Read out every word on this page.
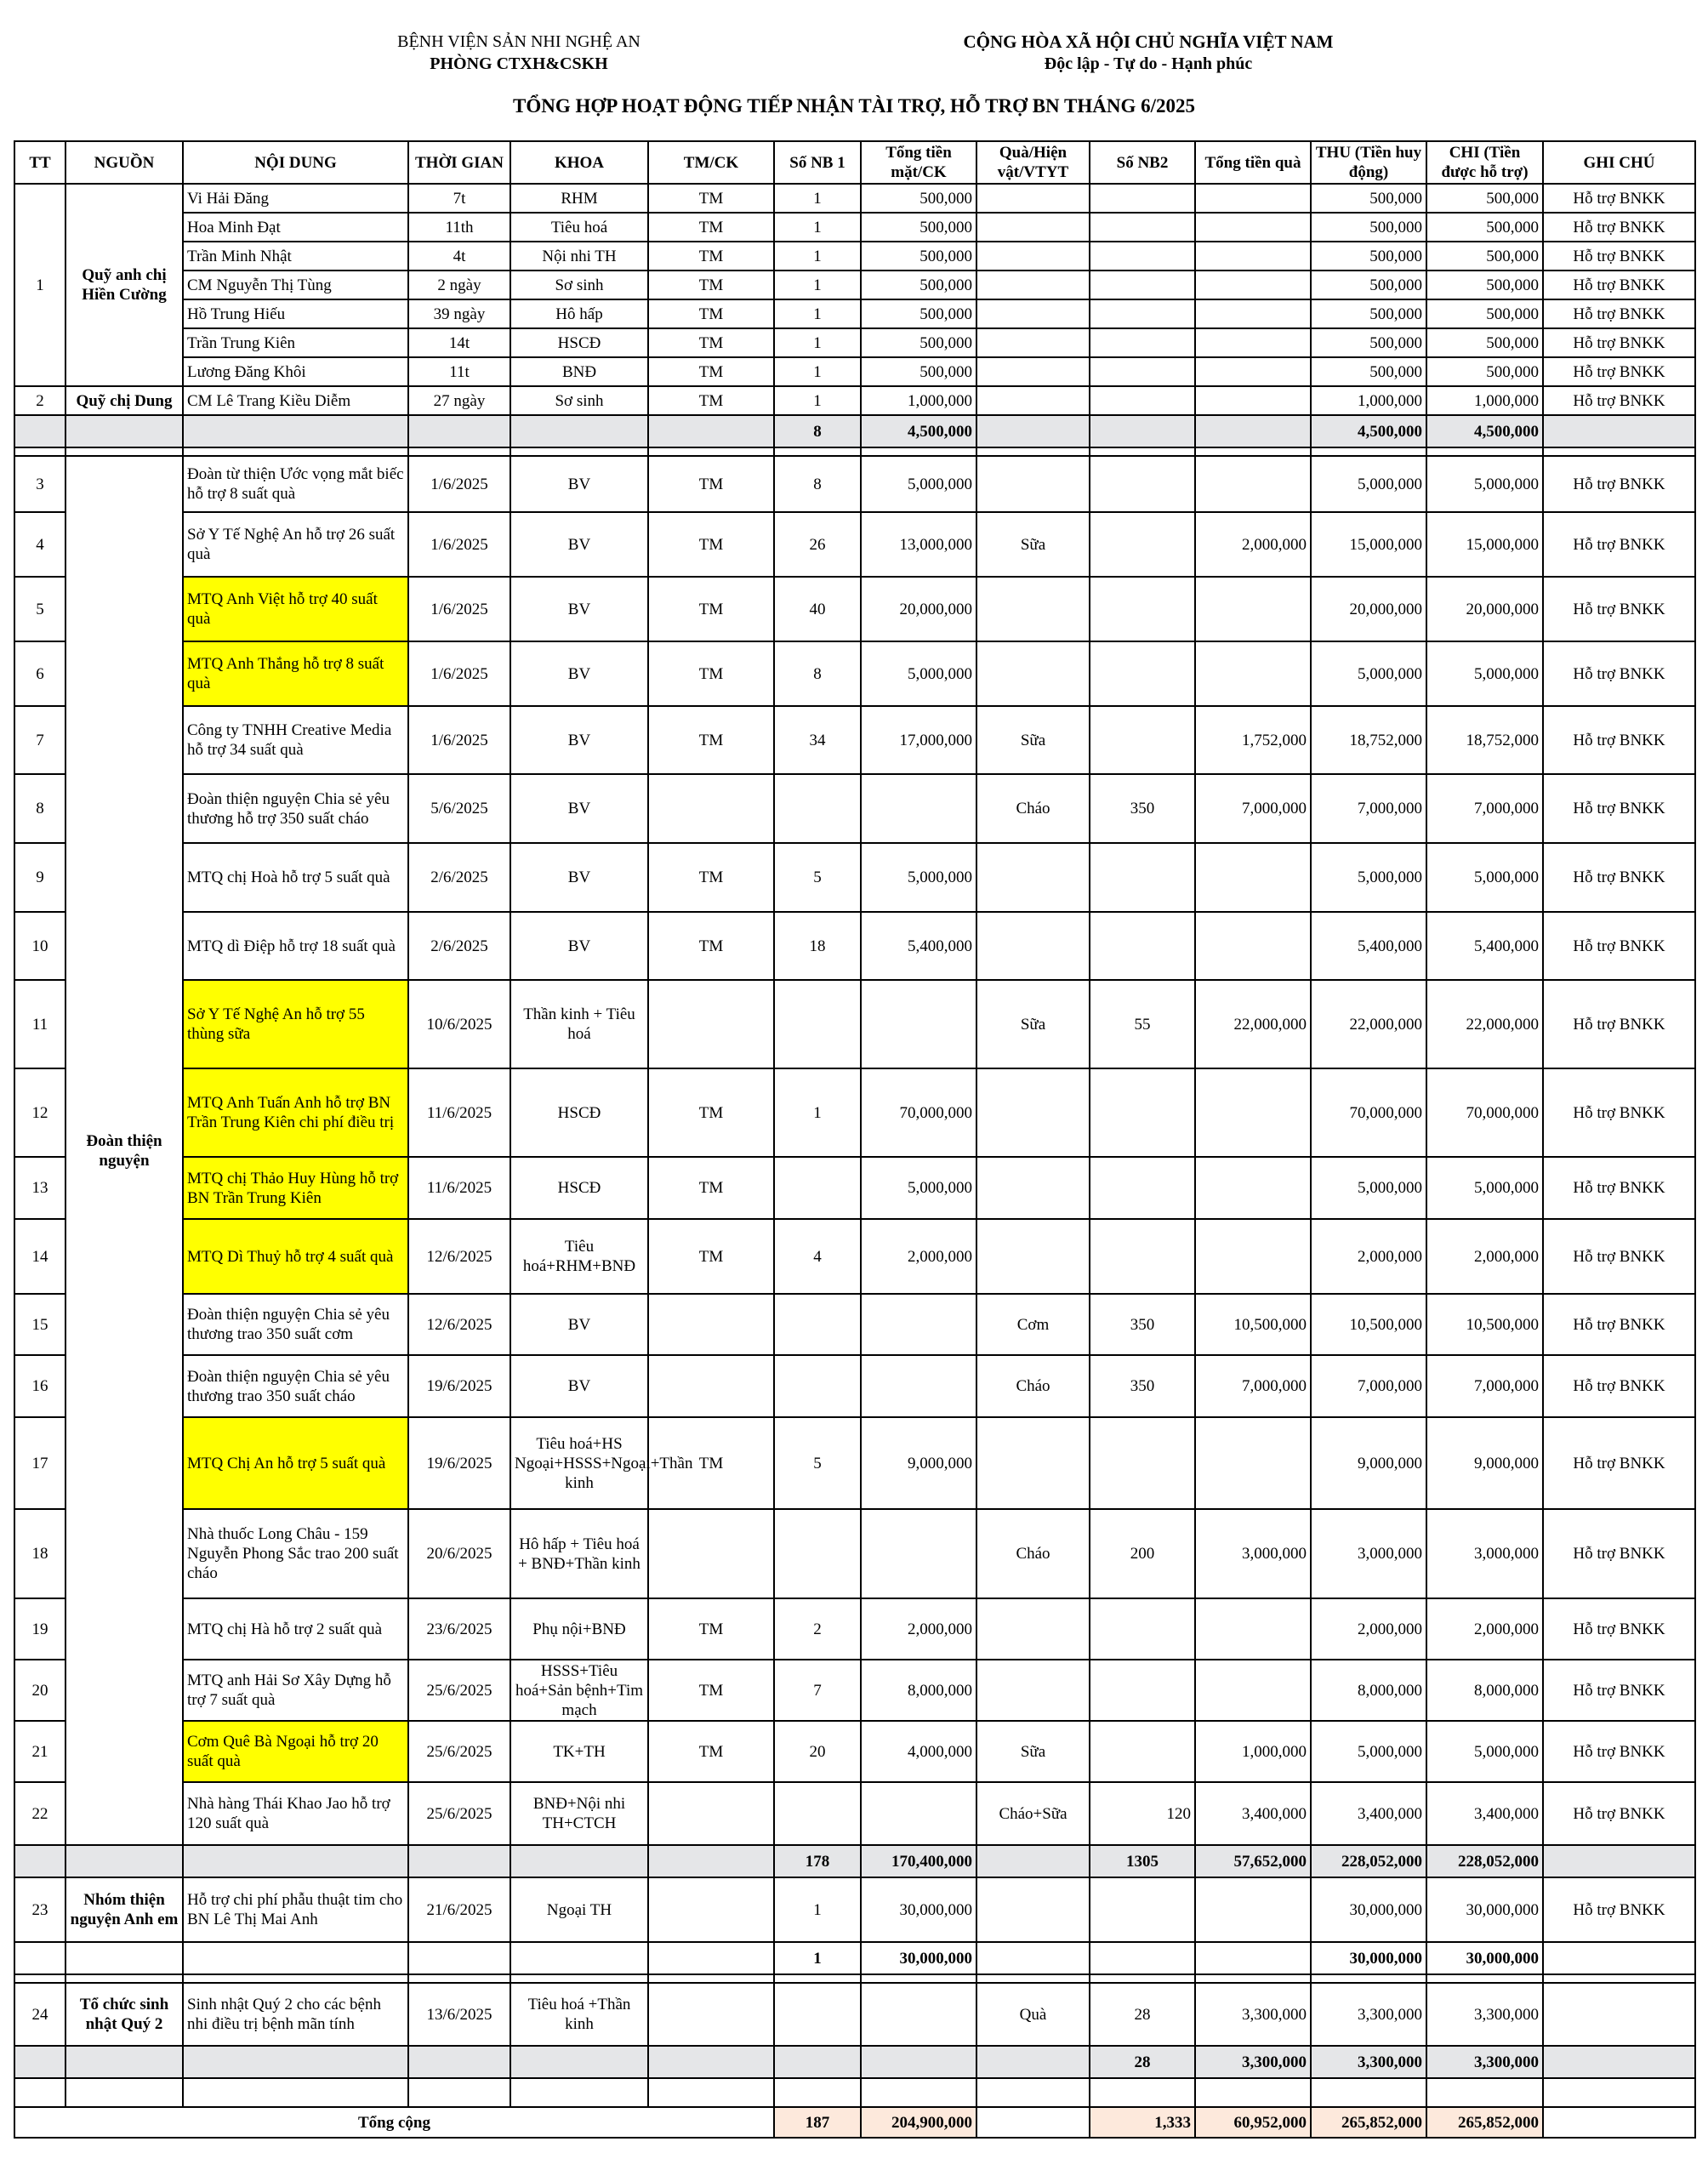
BỆNH VIỆN SẢN NHI NGHỆ AN
PHÒNG CTXH&CSKH
CỘNG HÒA XÃ HỘI CHỦ NGHĨA VIỆT NAM
Độc lập - Tự do - Hạnh phúc
TỔNG HỢP HOẠT ĐỘNG TIẾP NHẬN TÀI TRỢ, HỖ TRỢ BN THÁNG 6/2025
TT	NGUỒN	NỘI DUNG	THỜI GIAN	KHOA	TM/CK	Số NB 1	Tổng tiền mặt/CK	Quà/Hiện vật/VTYT	Số NB2	Tổng tiền quà	THU (Tiền huy động)	CHI (Tiền được hỗ trợ)	GHI CHÚ
1	Quỹ anh chị Hiền Cường	Vi Hải Đăng	7t	RHM	TM	1	500,000				500,000	500,000	Hỗ trợ BNKK
		Hoa Minh Đạt	11th	Tiêu hoá	TM	1	500,000				500,000	500,000	Hỗ trợ BNKK
		Trần Minh Nhật	4t	Nội nhi TH	TM	1	500,000				500,000	500,000	Hỗ trợ BNKK
		CM Nguyễn Thị Tùng	2 ngày	Sơ sinh	TM	1	500,000				500,000	500,000	Hỗ trợ BNKK
		Hồ Trung Hiếu	39 ngày	Hô hấp	TM	1	500,000				500,000	500,000	Hỗ trợ BNKK
		Trần Trung Kiên	14t	HSCĐ	TM	1	500,000				500,000	500,000	Hỗ trợ BNKK
		Lương Đăng Khôi	11t	BNĐ	TM	1	500,000				500,000	500,000	Hỗ trợ BNKK
2	Quỹ chị Dung	CM Lê Trang Kiều Diễm	27 ngày	Sơ sinh	TM	1	1,000,000				1,000,000	1,000,000	Hỗ trợ BNKK
						8	4,500,000				4,500,000	4,500,000	

3	Đoàn thiện nguyện	Đoàn từ thiện Ước vọng mắt biếc hỗ trợ 8 suất quà	1/6/2025	BV	TM	8	5,000,000				5,000,000	5,000,000	Hỗ trợ BNKK
4		Sở Y Tế Nghệ An hỗ trợ 26 suất quà	1/6/2025	BV	TM	26	13,000,000	Sữa		2,000,000	15,000,000	15,000,000	Hỗ trợ BNKK
5		MTQ Anh Việt hỗ trợ 40 suất quà	1/6/2025	BV	TM	40	20,000,000				20,000,000	20,000,000	Hỗ trợ BNKK
6		MTQ Anh Thắng hỗ trợ 8 suất quà	1/6/2025	BV	TM	8	5,000,000				5,000,000	5,000,000	Hỗ trợ BNKK
7		Công ty TNHH Creative Media hỗ trợ 34 suất quà	1/6/2025	BV	TM	34	17,000,000	Sữa		1,752,000	18,752,000	18,752,000	Hỗ trợ BNKK
8		Đoàn thiện nguyện Chia sẻ yêu thương hỗ trợ 350 suất cháo	5/6/2025	BV				Cháo	350	7,000,000	7,000,000	7,000,000	Hỗ trợ BNKK
9		MTQ chị Hoà hỗ trợ 5 suất quà	2/6/2025	BV	TM	5	5,000,000				5,000,000	5,000,000	Hỗ trợ BNKK
10		MTQ dì Điệp hỗ trợ 18 suất quà	2/6/2025	BV	TM	18	5,400,000				5,400,000	5,400,000	Hỗ trợ BNKK
11		Sở Y Tế Nghệ An hỗ trợ 55 thùng sữa	10/6/2025	Thần kinh + Tiêu hoá				Sữa	55	22,000,000	22,000,000	22,000,000	Hỗ trợ BNKK
12		MTQ Anh Tuấn Anh hỗ trợ BN Trần Trung Kiên chi phí điều trị	11/6/2025	HSCĐ	TM	1	70,000,000				70,000,000	70,000,000	Hỗ trợ BNKK
13		MTQ chị Thảo Huy Hùng hỗ trợ BN Trần Trung Kiên	11/6/2025	HSCĐ	TM		5,000,000				5,000,000	5,000,000	Hỗ trợ BNKK
14		MTQ Dì Thuỷ hỗ trợ 4 suất quà	12/6/2025	Tiêu hoá+RHM+BNĐ	TM	4	2,000,000				2,000,000	2,000,000	Hỗ trợ BNKK
15		Đoàn thiện nguyện Chia sẻ yêu thương trao 350 suất cơm	12/6/2025	BV				Cơm	350	10,500,000	10,500,000	10,500,000	Hỗ trợ BNKK
16		Đoàn thiện nguyện Chia sẻ yêu thương trao 350 suất cháo	19/6/2025	BV				Cháo	350	7,000,000	7,000,000	7,000,000	Hỗ trợ BNKK
17		MTQ Chị An hỗ trợ 5 suất quà	19/6/2025	Tiêu hoá+HS Ngoại+HSSS+Ngoại+Thần kinh	TM	5	9,000,000				9,000,000	9,000,000	Hỗ trợ BNKK
18		Nhà thuốc Long Châu - 159 Nguyễn Phong Sắc trao 200 suất cháo	20/6/2025	Hô hấp + Tiêu hoá + BNĐ+Thần kinh				Cháo	200	3,000,000	3,000,000	3,000,000	Hỗ trợ BNKK
19		MTQ chị Hà hỗ trợ 2 suất quà	23/6/2025	Phụ nội+BNĐ	TM	2	2,000,000				2,000,000	2,000,000	Hỗ trợ BNKK
20		MTQ anh Hải Sơ Xây Dựng hỗ trợ 7 suất quà	25/6/2025	HSSS+Tiêu hoá+Sản bệnh+Tim mạch	TM	7	8,000,000				8,000,000	8,000,000	Hỗ trợ BNKK
21		Cơm Quê Bà Ngoại hỗ trợ 20 suất quà	25/6/2025	TK+TH	TM	20	4,000,000	Sữa		1,000,000	5,000,000	5,000,000	Hỗ trợ BNKK
22		Nhà hàng Thái Khao Jao hỗ trợ 120 suất quà	25/6/2025	BNĐ+Nội nhi TH+CTCH				Cháo+Sữa	120	3,400,000	3,400,000	3,400,000	Hỗ trợ BNKK
						178	170,400,000		1305	57,652,000	228,052,000	228,052,000	
23	Nhóm thiện nguyện Anh em	Hỗ trợ chi phí phẫu thuật tim cho BN Lê Thị Mai Anh	21/6/2025	Ngoại TH		1	30,000,000				30,000,000	30,000,000	Hỗ trợ BNKK
						1	30,000,000				30,000,000	30,000,000	

24	Tổ chức sinh nhật Quý 2	Sinh nhật Quý 2 cho các bệnh nhi điều trị bệnh mãn tính	13/6/2025	Tiêu hoá +Thần kinh				Quà	28	3,300,000	3,300,000	3,300,000	
									28	3,300,000	3,300,000	3,300,000	

Tổng cộng						187	204,900,000		1,333	60,952,000	265,852,000	265,852,000	
